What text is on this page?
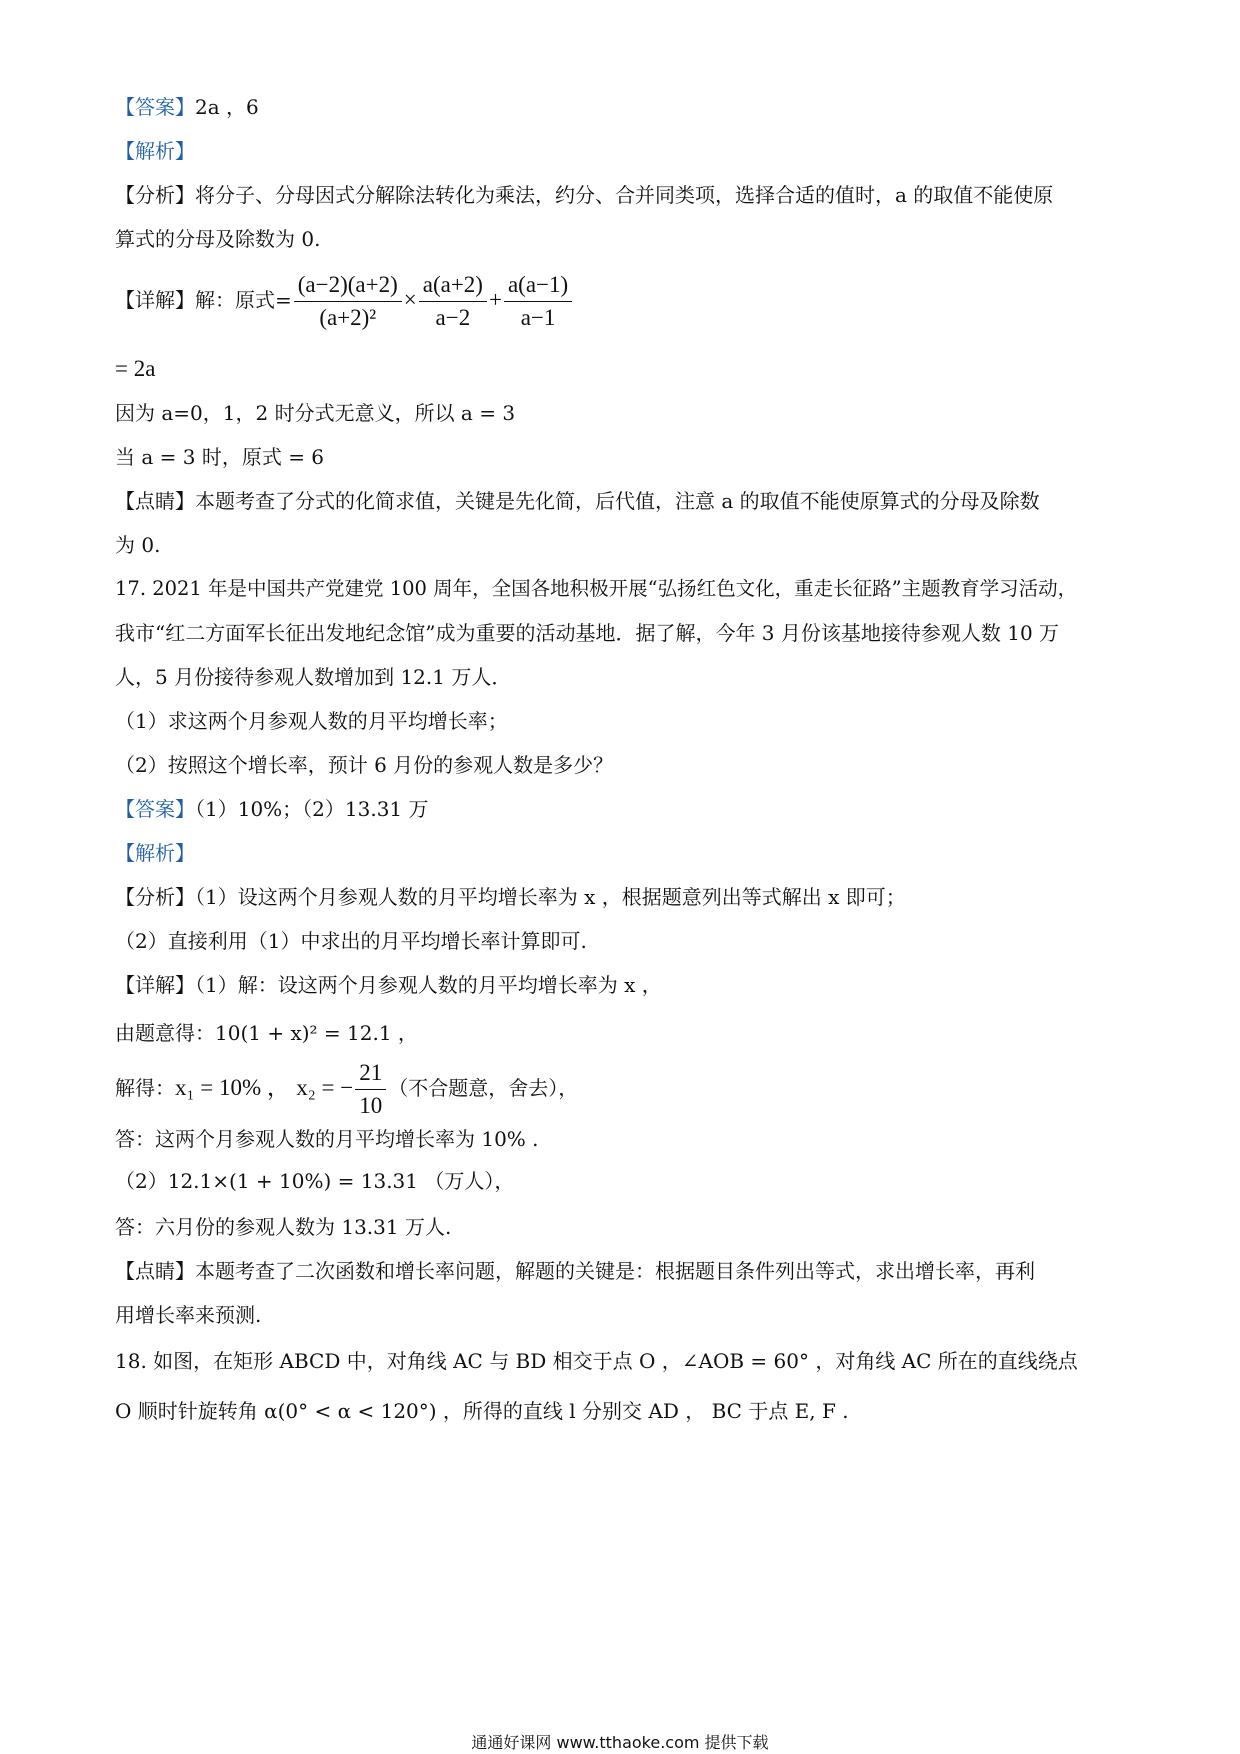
【答案】2a ，6
【解析】
【分析】将分子、分母因式分解除法转化为乘法，约分、合并同类项，选择合适的值时，a 的取值不能使原
算式的分母及除数为 0.
【详解】解：原式= $\frac{(a-2)(a+2)}{\text{(a+2)²}} \times \frac{a(a+2)}{a-2} + \frac{a(a-1)}{a-1}$
= 2a
因为 a=0，1，2 时分式无意义，所以 a = 3
当 a = 3 时，原式 = 6
【点睛】本题考查了分式的化简求值，关键是先化简，后代值，注意 a 的取值不能使原算式的分母及除数
为 0.
17. 2021 年是中国共产党建党 100 周年，全国各地积极开展“弘扬红色文化，重走长征路”主题教育学习活动，
我市“红二方面军长征出发地纪念馆”成为重要的活动基地．据了解，今年 3 月份该基地接待参观人数 10 万
人，5 月份接待参观人数增加到 12.1 万人．
（1）求这两个月参观人数的月平均增长率；
（2）按照这个增长率，预计 6 月份的参观人数是多少？
【答案】（1）10%；（2）13.31 万
【解析】
【分析】（1）设这两个月参观人数的月平均增长率为 x ，根据题意列出等式解出 x 即可；
（2）直接利用（1）中求出的月平均增长率计算即可.
【详解】（1）解：设这两个月参观人数的月平均增长率为 x ，
由题意得：10(1 + x)² = 12.1 ，
解得：x₁ = 10% ， x₂ = − $\frac{21}{10}$ （不合题意，舍去），
答：这两个月参观人数的月平均增长率为 10% .
（2）12.1×(1 + 10%) = 13.31 （万人），
答：六月份的参观人数为 13.31 万人.
【点睛】本题考查了二次函数和增长率问题，解题的关键是：根据题目条件列出等式，求出增长率，再利
用增长率来预测.
18. 如图，在矩形 ABCD 中，对角线 AC 与 BD 相交于点 O ，∠AOB = 60° ，对角线 AC 所在的直线绕点
O 顺时针旋转角 α(0° < α < 120°) ，所得的直线 l 分别交 AD ， BC 于点 E, F .
通通好课网 www.tthaoke.com 提供下载
